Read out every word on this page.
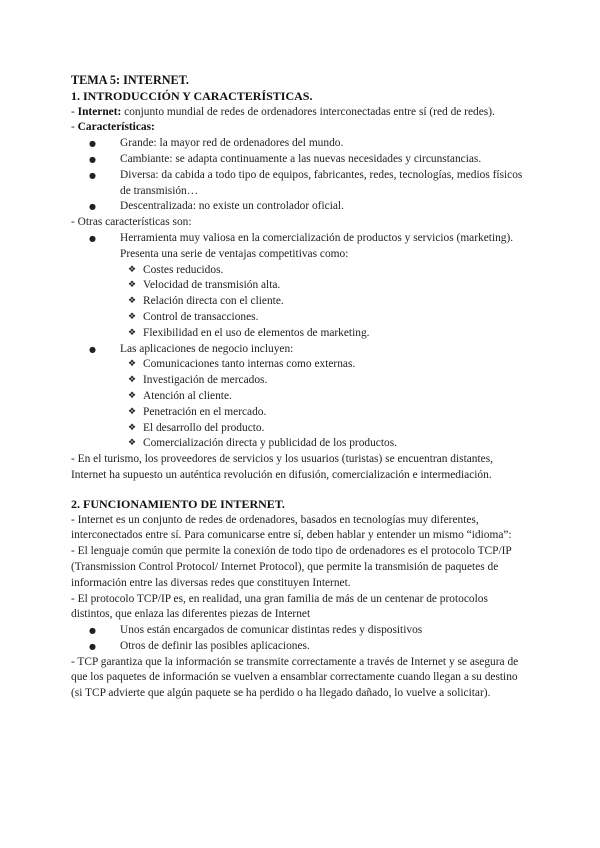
TEMA 5: INTERNET.
1. INTRODUCCIÓN Y CARACTERÍSTICAS.

- Internet: conjunto mundial de redes de ordenadores interconectadas entre sí (red de redes).

- Características:

● Grande: la mayor red de ordenadores del mundo.
● Cambiante: se adapta continuamente a las nuevas necesidades y circunstancias.
● Diversa: da cabida a todo tipo de equipos, fabricantes, redes, tecnologías, medios físicos de transmisión…
● Descentralizada: no existe un controlador oficial.

- Otras características son:

● Herramienta muy valiosa en la comercialización de productos y servicios (marketing).
Presenta una serie de ventajas competitivas como:
❖ Costes reducidos.
❖ Velocidad de transmisión alta.
❖ Relación directa con el cliente.
❖ Control de transacciones.
❖ Flexibilidad en el uso de elementos de marketing.
● Las aplicaciones de negocio incluyen:
❖ Comunicaciones tanto internas como externas.
❖ Investigación de mercados.
❖ Atención al cliente.
❖ Penetración en el mercado.
❖ El desarrollo del producto.
❖ Comercialización directa y publicidad de los productos.

- En el turismo, los proveedores de servicios y los usuarios (turistas) se encuentran distantes, Internet ha supuesto un auténtica revolución en difusión, comercialización e intermediación.

2. FUNCIONAMIENTO DE INTERNET.

- Internet es un conjunto de redes de ordenadores, basados en tecnologías muy diferentes, interconectados entre sí. Para comunicarse entre sí, deben hablar y entender un mismo “idioma”:

- El lenguaje común que permite la conexión de todo tipo de ordenadores es el protocolo TCP/IP (Transmission Control Protocol/ Internet Protocol), que permite la transmisión de paquetes de información entre las diversas redes que constituyen Internet.

- El protocolo TCP/IP es, en realidad, una gran familia de más de un centenar de protocolos distintos, que enlaza las diferentes piezas de Internet

● Unos están encargados de comunicar distintas redes y dispositivos
● Otros de definir las posibles aplicaciones.

- TCP garantiza que la información se transmite correctamente a través de Internet y se asegura de que los paquetes de información se vuelven a ensamblar correctamente cuando llegan a su destino (si TCP advierte que algún paquete se ha perdido o ha llegado dañado, lo vuelve a solicitar).
